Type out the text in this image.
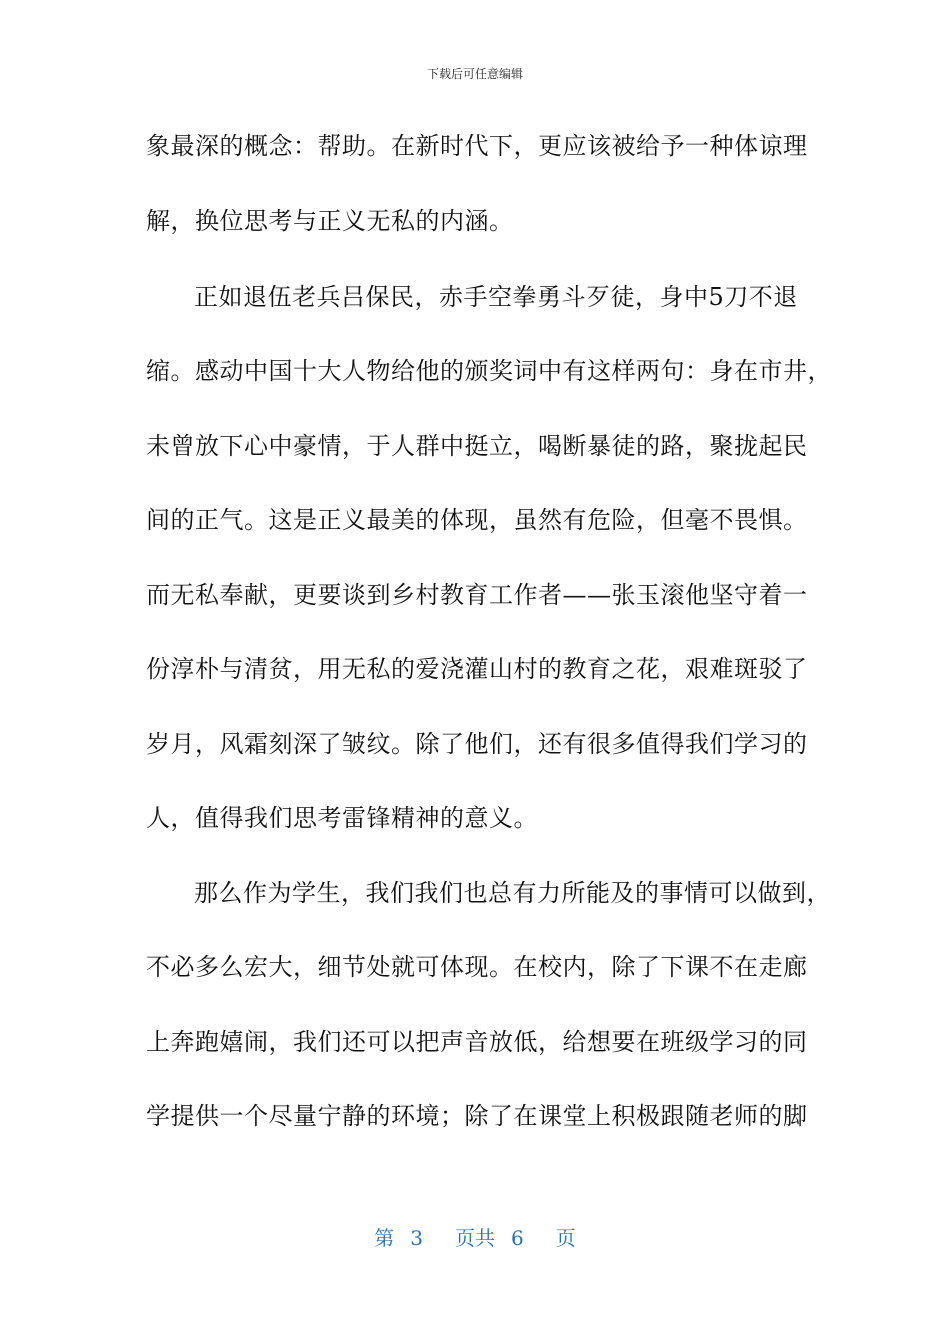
下载后可任意编辑
象最深的概念：帮助。在新时代下，更应该被给予一种体谅理
解，换位思考与正义无私的内涵。
正如退伍老兵吕保民，赤手空拳勇斗歹徒，身中5刀不退
缩。感动中国十大人物给他的颁奖词中有这样两句：身在市井，
未曾放下心中豪情，于人群中挺立，喝断暴徒的路，聚拢起民
间的正气。这是正义最美的体现，虽然有危险，但毫不畏惧。
而无私奉献，更要谈到乡村教育工作者——张玉滚他坚守着一
份淳朴与清贫，用无私的爱浇灌山村的教育之花，艰难斑驳了
岁月，风霜刻深了皱纹。除了他们，还有很多值得我们学习的
人，值得我们思考雷锋精神的意义。
那么作为学生，我们我们也总有力所能及的事情可以做到，
不必多么宏大，细节处就可体现。在校内，除了下课不在走廊
上奔跑嬉闹，我们还可以把声音放低，给想要在班级学习的同
学提供一个尽量宁静的环境；除了在课堂上积极跟随老师的脚
第 3 页共 6 页
